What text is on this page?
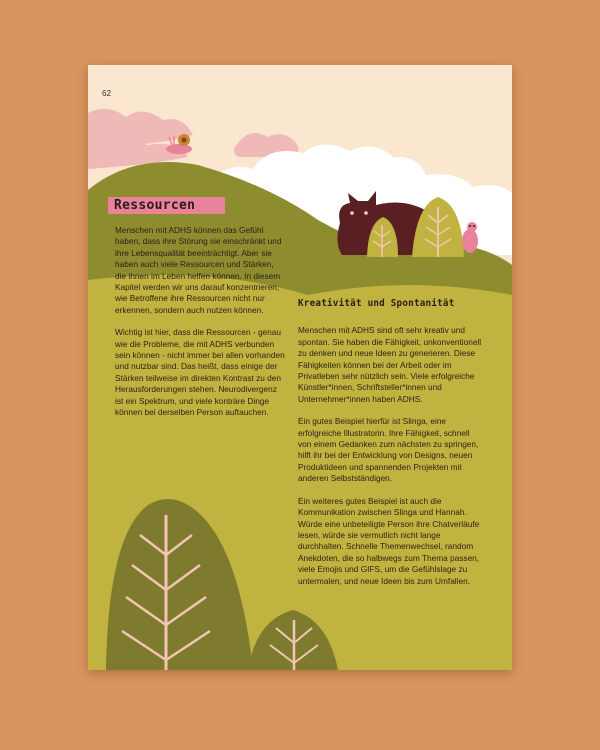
62
Ressourcen

Menschen mit ADHS können das Gefühl haben, dass ihre Störung sie einschränkt und ihre Lebensqualität beeinträchtigt. Aber sie haben auch viele Ressourcen und Stärken, die ihnen im Leben helfen können. In diesem Kapitel werden wir uns darauf konzentrieren, wie Betroffene ihre Ressourcen nicht nur erkennen, sondern auch nutzen können.

Wichtig ist hier, dass die Ressourcen - genau wie die Probleme, die mit ADHS verbunden sein können - nicht immer bei allen vorhanden und nutzbar sind. Das heißt, dass einige der Stärken teilweise im direkten Kontrast zu den Herausforderungen stehen. Neurodivergenz ist ein Spektrum, und viele konträre Dinge können bei derselben Person auftauchen.

Kreativität und Spontanität

Menschen mit ADHS sind oft sehr kreativ und spontan. Sie haben die Fähigkeit, unkonventionell zu denken und neue Ideen zu generieren. Diese Fähigkeiten können bei der Arbeit oder im Privatleben sehr nützlich sein. Viele erfolgreiche Künstler*innen, Schriftsteller*innen und Unternehmer*innen haben ADHS.

Ein gutes Beispiel hierfür ist Slinga, eine erfolgreiche Illustratorin. Ihre Fähigkeit, schnell von einem Gedanken zum nächsten zu springen, hilft ihr bei der Entwicklung von Designs, neuen Produktideen und spannenden Projekten mit anderen Selbstständigen.

Ein weiteres gutes Beispiel ist auch die Kommunikation zwischen Slinga und Hannah. Würde eine unbeteiligte Person ihre Chatverläufe lesen, würde sie vermutlich nicht lange durchhalten. Schnelle Themenwechsel, random Anekdoten, die so halbwegs zum Thema passen, viele Emojis und GIFS, um die Gefühlslage zu untermalen, und neue Ideen bis zum Umfallen.
